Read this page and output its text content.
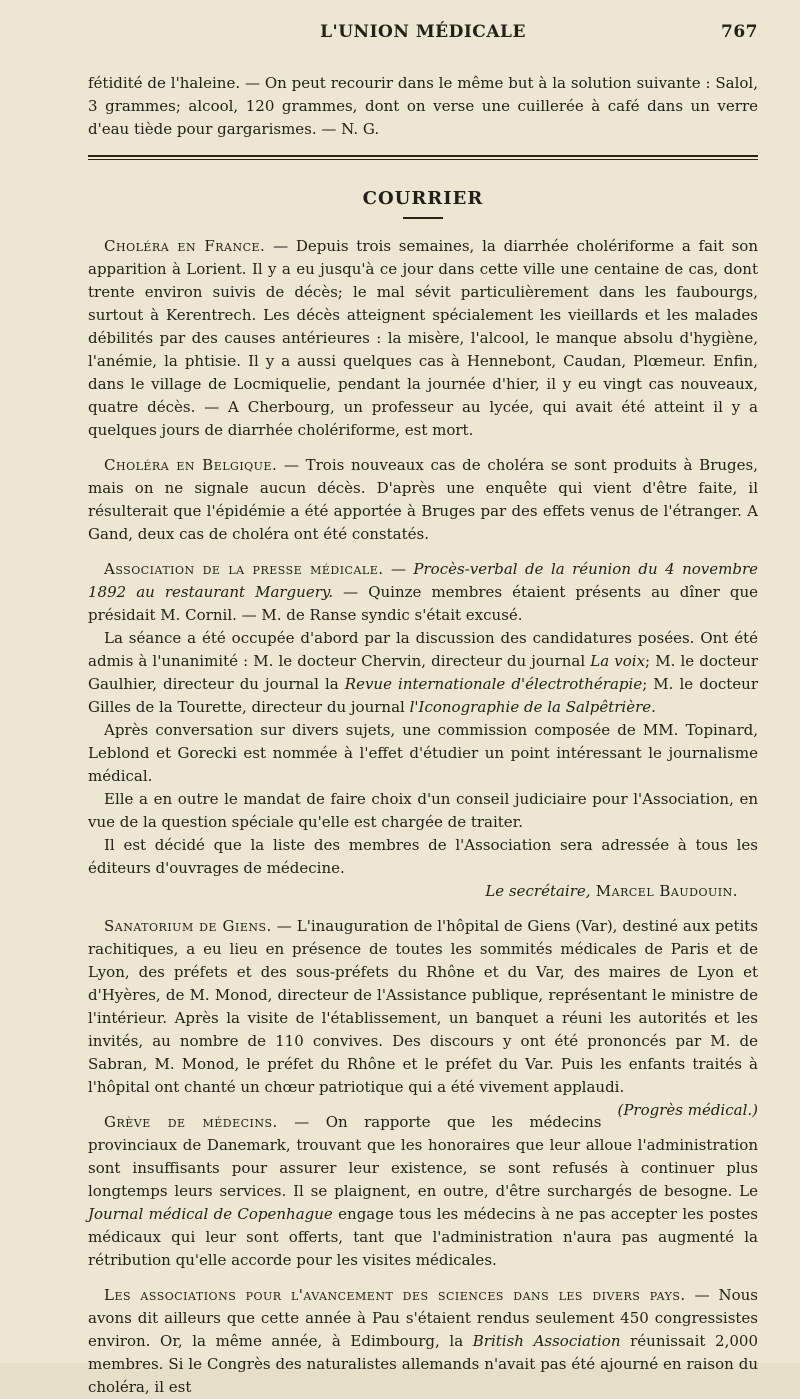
L'UNION MÉDICALE	767

fétidité de l'haleine. — On peut recourir dans le même but à la solution suivante : Salol, 3 grammes; alcool, 120 grammes, dont on verse une cuillerée à café dans un verre d'eau tiède pour gargarismes. — N. G.

COURRIER

Choléra en France. — Depuis trois semaines, la diarrhée cholériforme a fait son apparition à Lorient. Il y a eu jusqu'à ce jour dans cette ville une centaine de cas, dont trente environ suivis de décès; le mal sévit particulièrement dans les faubourgs, surtout à Kerentrech. Les décès atteignent spécialement les vieillards et les malades débilités par des causes antérieures : la misère, l'alcool, le manque absolu d'hygiène, l'anémie, la phtisie. Il y a aussi quelques cas à Hennebont, Caudan, Plœmeur. Enfin, dans le village de Locmiquelie, pendant la journée d'hier, il y eu vingt cas nouveaux, quatre décès. — A Cherbourg, un professeur au lycée, qui avait été atteint il y a quelques jours de diarrhée cholériforme, est mort.

Choléra en Belgique. — Trois nouveaux cas de choléra se sont produits à Bruges, mais on ne signale aucun décès. D'après une enquête qui vient d'être faite, il résulterait que l'épidémie a été apportée à Bruges par des effets venus de l'étranger. A Gand, deux cas de choléra ont été constatés.

Association de la presse médicale. — Procès-verbal de la réunion du 4 novembre 1892 au restaurant Marguery. — Quinze membres étaient présents au dîner que présidait M. Cornil. — M. de Ranse syndic s'était excusé.

La séance a été occupée d'abord par la discussion des candidatures posées. Ont été admis à l'unanimité : M. le docteur Chervin, directeur du journal La voix; M. le docteur Gaulhier, directeur du journal la Revue internationale d'électrothérapie; M. le docteur Gilles de la Tourette, directeur du journal l'Iconographie de la Salpêtrière.

Après conversation sur divers sujets, une commission composée de MM. Topinard, Leblond et Gorecki est nommée à l'effet d'étudier un point intéressant le journalisme médical.

Elle a en outre le mandat de faire choix d'un conseil judiciaire pour l'Association, en vue de la question spéciale qu'elle est chargée de traiter.

Il est décidé que la liste des membres de l'Association sera adressée à tous les éditeurs d'ouvrages de médecine.

Le secrétaire, Marcel Baudouin.

Sanatorium de Giens. — L'inauguration de l'hôpital de Giens (Var), destiné aux petits rachitiques, a eu lieu en présence de toutes les sommités médicales de Paris et de Lyon, des préfets et des sous-préfets du Rhône et du Var, des maires de Lyon et d'Hyères, de M. Monod, directeur de l'Assistance publique, représentant le ministre de l'intérieur. Après la visite de l'établissement, un banquet a réuni les autorités et les invités, au nombre de 110 convives. Des discours y ont été prononcés par M. de Sabran, M. Monod, le préfet du Rhône et le préfet du Var. Puis les enfants traités à l'hôpital ont chanté un chœur patriotique qui a été vivement applaudi.
(Progrès médical.)

Grève de médecins. — On rapporte que les médecins provinciaux de Danemark, trouvant que les honoraires que leur alloue l'administration sont insuffisants pour assurer leur existence, se sont refusés à continuer plus longtemps leurs services. Il se plaignent, en outre, d'être surchargés de besogne. Le Journal médical de Copenhague engage tous les médecins à ne pas accepter les postes médicaux qui leur sont offerts, tant que l'administration n'aura pas augmenté la rétribution qu'elle accorde pour les visites médicales.

Les associations pour l'avancement des sciences dans les divers pays. — Nous avons dit ailleurs que cette année à Pau s'étaient rendus seulement 450 congressistes environ. Or, la même année, à Edimbourg, la British Association réunissait 2,000 membres. Si le Congrès des naturalistes allemands n'avait pas été ajourné en raison du choléra, il est
